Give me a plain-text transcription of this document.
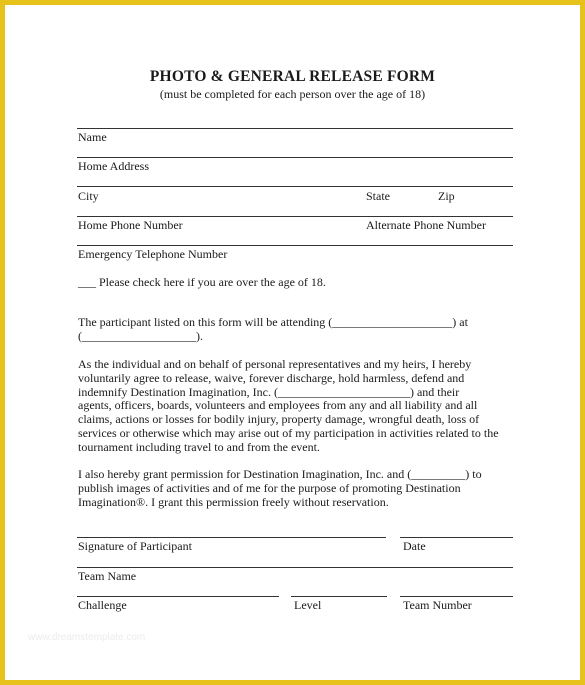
PHOTO & GENERAL RELEASE FORM
(must be completed for each person over the age of 18)
Name
Home Address
City	State	Zip
Home Phone Number	Alternate Phone Number
Emergency Telephone Number
___ Please check here if you are over the age of 18.
The participant listed on this form will be attending (____________________) at
(___________________).
As the individual and on behalf of personal representatives and my heirs, I hereby
voluntarily agree to release, waive, forever discharge, hold harmless, defend and
indemnify Destination Imagination, Inc. (______________________) and their
agents, officers, boards, volunteers and employees from any and all liability and all
claims, actions or losses for bodily injury, property damage, wrongful death, loss of
services or otherwise which may arise out of my participation in activities related to the
tournament including travel to and from the event.
I also hereby grant permission for Destination Imagination, Inc. and (_________) to
publish images of activities and of me for the purpose of promoting Destination
Imagination®. I grant this permission freely without reservation.
Signature of Participant	Date
Team Name
Challenge	Level	Team Number
www.dreamstemplate.com
